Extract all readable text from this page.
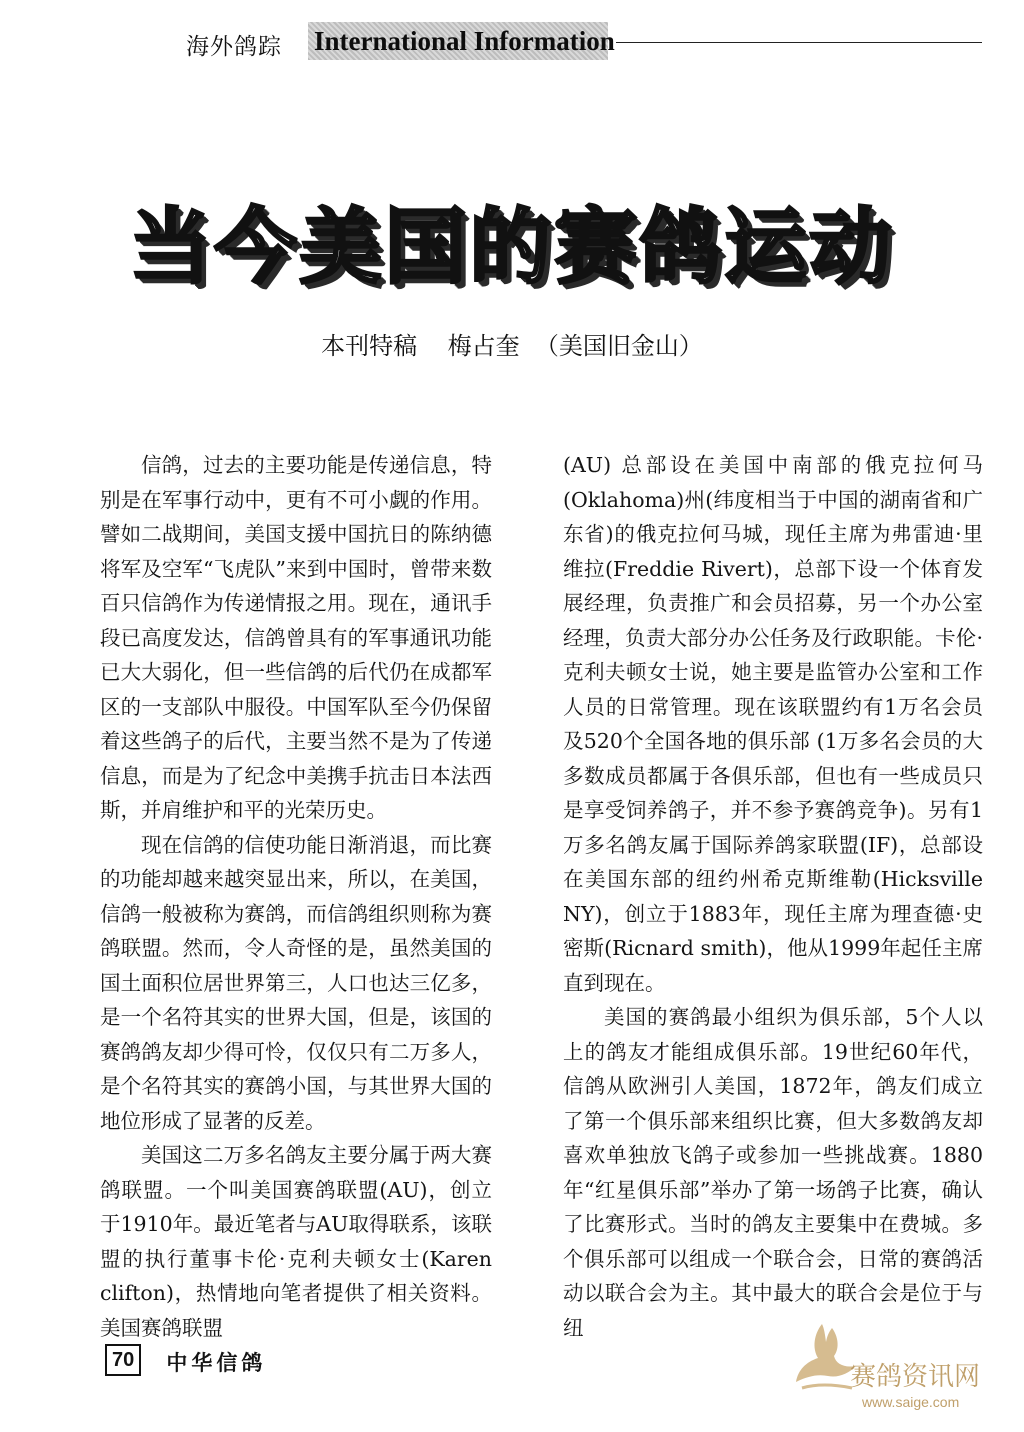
海外鸽踪 International Information
当今美国的赛鸽运动
本刊特稿    梅占奎  （美国旧金山）

信鸽，过去的主要功能是传递信息，特别是在军事行动中，更有不可小觑的作用。譬如二战期间，美国支援中国抗日的陈纳德将军及空军“飞虎队”来到中国时，曾带来数百只信鸽作为传递情报之用。现在，通讯手段已高度发达，信鸽曾具有的军事通讯功能已大大弱化，但一些信鸽的后代仍在成都军区的一支部队中服役。中国军队至今仍保留着这些鸽子的后代，主要当然不是为了传递信息，而是为了纪念中美携手抗击日本法西斯，并肩维护和平的光荣历史。

现在信鸽的信使功能日渐消退，而比赛的功能却越来越突显出来，所以，在美国，信鸽一般被称为赛鸽，而信鸽组织则称为赛鸽联盟。然而，令人奇怪的是，虽然美国的国土面积位居世界第三，人口也达三亿多，是一个名符其实的世界大国，但是，该国的赛鸽鸽友却少得可怜，仅仅只有二万多人，是个名符其实的赛鸽小国，与其世界大国的地位形成了显著的反差。

美国这二万多名鸽友主要分属于两大赛鸽联盟。一个叫美国赛鸽联盟(AU)，创立于1910年。最近笔者与AU取得联系，该联盟的执行董事卡伦·克利夫顿女士(Karen clifton)，热情地向笔者提供了相关资料。美国赛鸽联盟

(AU) 总部设在美国中南部的俄克拉何马(Oklahoma)州(纬度相当于中国的湖南省和广东省)的俄克拉何马城，现任主席为弗雷迪·里维拉(Freddie Rivert)，总部下设一个体育发展经理，负责推广和会员招募，另一个办公室经理，负责大部分办公任务及行政职能。卡伦·克利夫顿女士说，她主要是监管办公室和工作人员的日常管理。现在该联盟约有1万名会员及520个全国各地的俱乐部 (1万多名会员的大多数成员都属于各俱乐部，但也有一些成员只是享受饲养鸽子，并不参予赛鸽竞争)。另有1万多名鸽友属于国际养鸽家联盟(IF)，总部设在美国东部的纽约州希克斯维勒(Hicksville NY)，创立于1883年，现任主席为理查德·史密斯(Ricnard smith)，他从1999年起任主席直到现在。

美国的赛鸽最小组织为俱乐部，5个人以上的鸽友才能组成俱乐部。19世纪60年代，信鸽从欧洲引人美国，1872年，鸽友们成立了第一个俱乐部来组织比赛，但大多数鸽友却喜欢单独放飞鸽子或参加一些挑战赛。1880年“红星俱乐部”举办了第一场鸽子比赛，确认了比赛形式。当时的鸽友主要集中在费城。多个俱乐部可以组成一个联合会，日常的赛鸽活动以联合会为主。其中最大的联合会是位于与纽

70 中华信鸽	赛鸽资讯网
www.saige.com
